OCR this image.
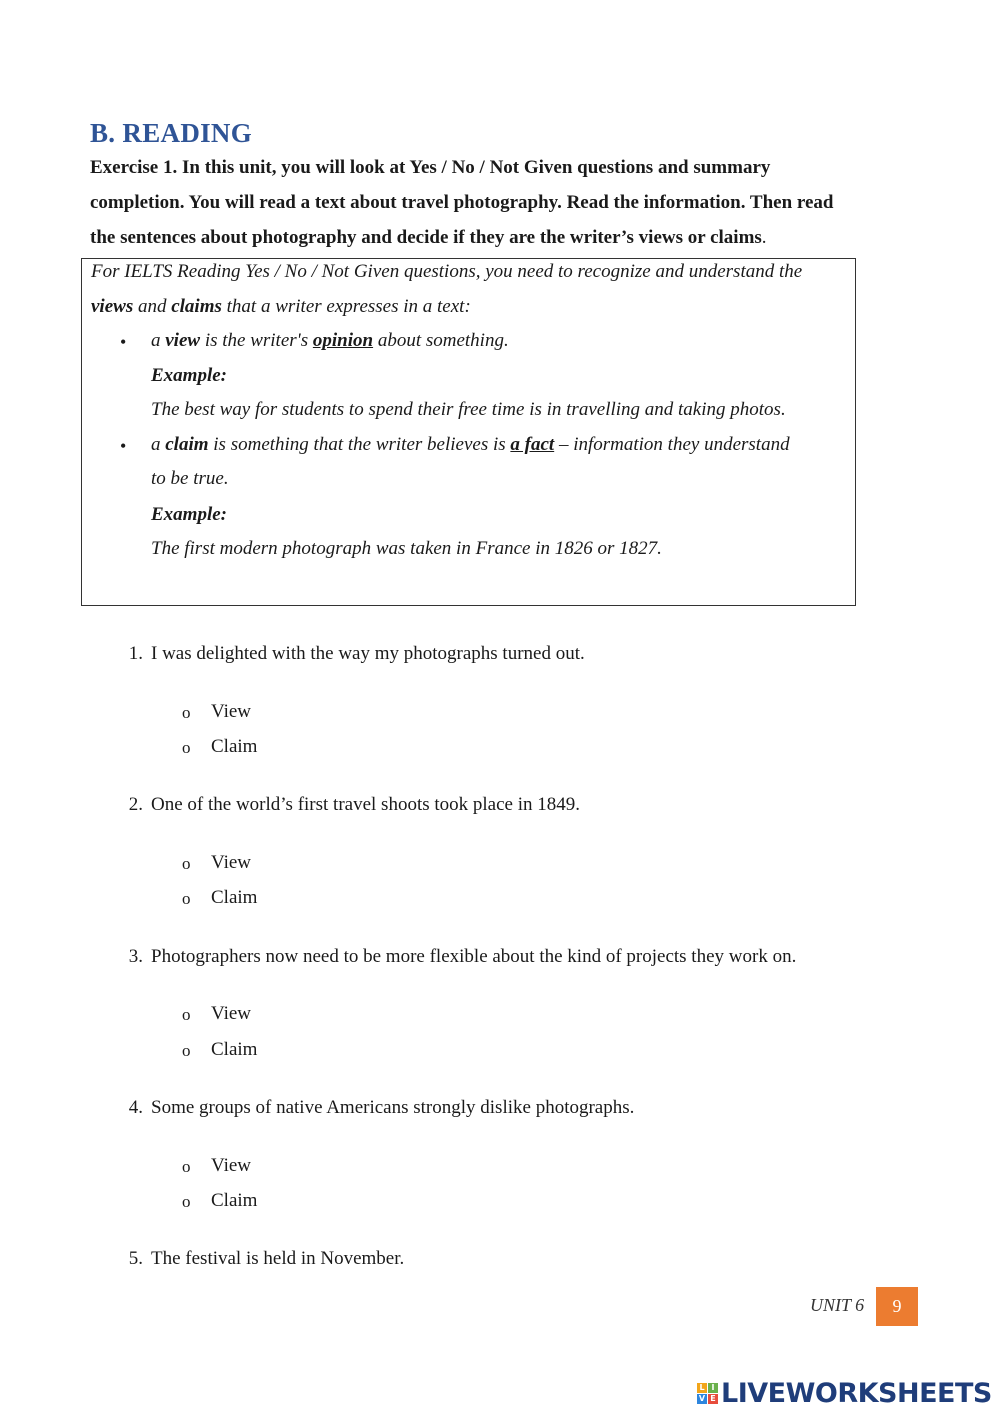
B. READING
Exercise 1. In this unit, you will look at Yes / No / Not Given questions and summary
completion. You will read a text about travel photography. Read the information. Then read
the sentences about photography and decide if they are the writer’s views or claims.
For IELTS Reading Yes / No / Not Given questions, you need to recognize and understand the
views and claims that a writer expresses in a text:
• a view is the writer's opinion about something.
Example:
The best way for students to spend their free time is in travelling and taking photos.
• a claim is something that the writer believes is a fact – information they understand
to be true.
Example:
The first modern photograph was taken in France in 1826 or 1827.
1. I was delighted with the way my photographs turned out.
o View
o Claim
2. One of the world’s first travel shoots took place in 1849.
o View
o Claim
3. Photographers now need to be more flexible about the kind of projects they work on.
o View
o Claim
4. Some groups of native Americans strongly dislike photographs.
o View
o Claim
5. The festival is held in November.
UNIT 6	9
L I
V E LIVEWORKSHEETS
